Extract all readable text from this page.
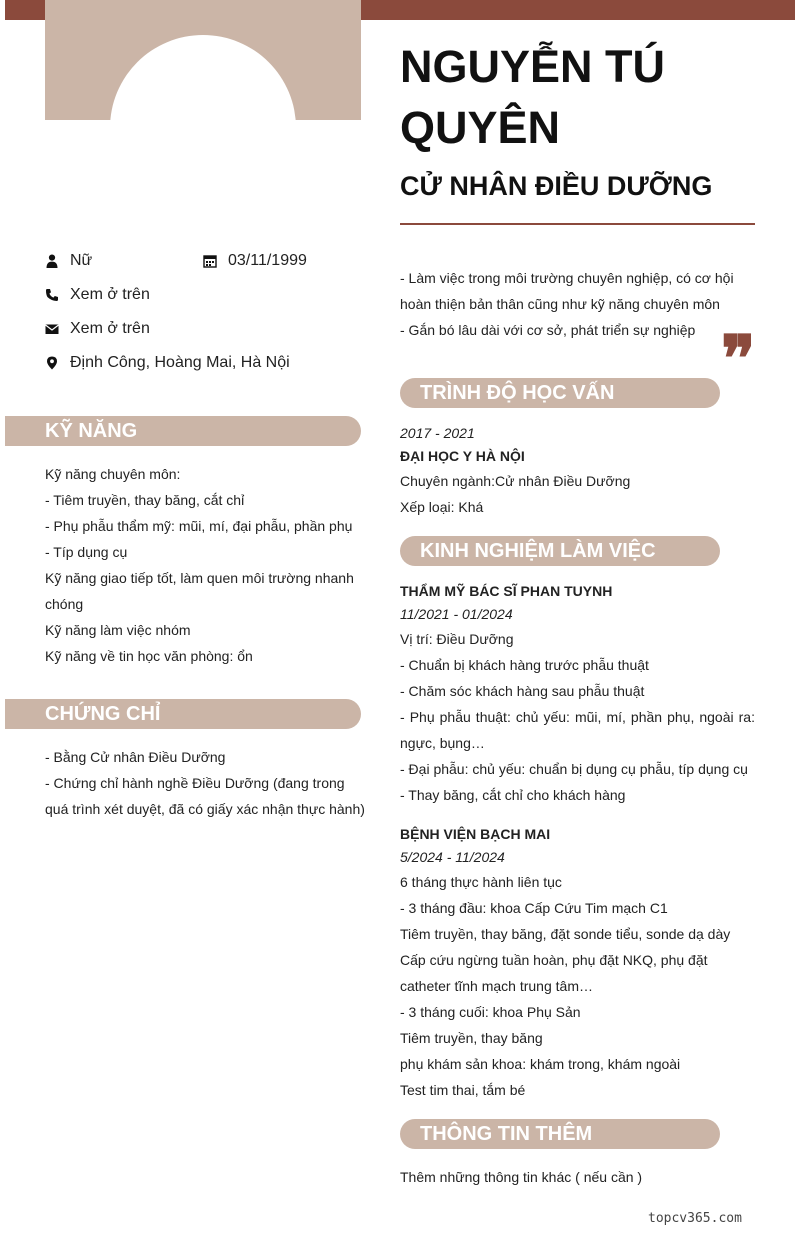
NGUYỄN TÚ QUYÊN
CỬ NHÂN ĐIỀU DƯỠNG
Nữ	03/11/1999
Xem ở trên
Xem ở trên
Định Công, Hoàng Mai, Hà Nội
KỸ NĂNG
Kỹ năng chuyên môn:
- Tiêm truyền, thay băng, cắt chỉ
- Phụ phẫu thẩm mỹ: mũi, mí, đại phẫu, phần phụ
- Típ dụng cụ
Kỹ năng giao tiếp tốt, làm quen môi trường nhanh chóng
Kỹ năng làm việc nhóm
Kỹ năng về tin học văn phòng: ổn
CHỨNG CHỈ
- Bằng Cử nhân Điều Dưỡng
- Chứng chỉ hành nghề Điều Dưỡng (đang trong quá trình xét duyệt, đã có giấy xác nhận thực hành)
- Làm việc trong môi trường chuyên nghiệp, có cơ hội hoàn thiện bản thân cũng như kỹ năng chuyên môn
- Gắn bó lâu dài với cơ sở, phát triển sự nghiệp ❞
TRÌNH ĐỘ HỌC VẤN
2017 - 2021
ĐẠI HỌC Y HÀ NỘI
Chuyên ngành:Cử nhân Điều Dưỡng
Xếp loại: Khá
KINH NGHIỆM LÀM VIỆC
THẨM MỸ BÁC SĨ PHAN TUYNH
11/2021 - 01/2024
Vị trí: Điều Dưỡng
- Chuẩn bị khách hàng trước phẫu thuật
- Chăm sóc khách hàng sau phẫu thuật
- Phụ phẫu thuật: chủ yếu: mũi, mí, phần phụ, ngoài ra: ngực, bụng…
- Đại phẫu: chủ yếu: chuẩn bị dụng cụ phẫu, típ dụng cụ
- Thay băng, cắt chỉ cho khách hàng
BỆNH VIỆN BẠCH MAI
5/2024 - 11/2024
6 tháng thực hành liên tục
- 3 tháng đầu: khoa Cấp Cứu Tim mạch C1
Tiêm truyền, thay băng, đặt sonde tiểu, sonde dạ dày
Cấp cứu ngừng tuần hoàn, phụ đặt NKQ, phụ đặt catheter tĩnh mạch trung tâm…
- 3 tháng cuối: khoa Phụ Sản
Tiêm truyền, thay băng
phụ khám sản khoa: khám trong, khám ngoài
Test tim thai, tắm bé
THÔNG TIN THÊM
Thêm những thông tin khác ( nếu cần )
topcv365.com
